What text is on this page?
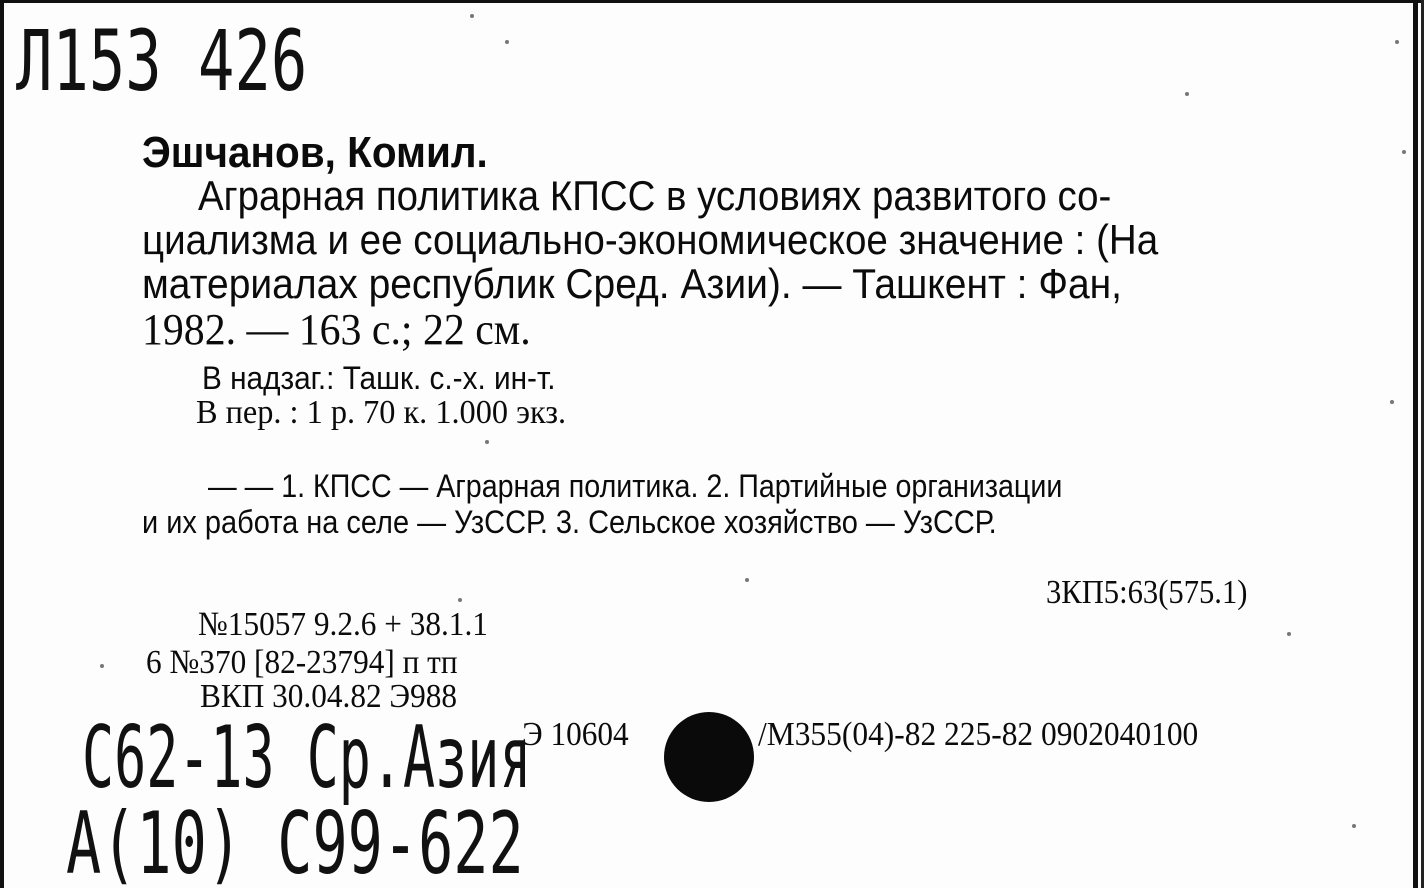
Л153 426
Эшчанов, Комил.
Аграрная политика КПСС в условиях развитого со-
циализма и ее социально-экономическое значение : (На
материалах республик Сред. Азии). — Ташкент : Фан,
1982. — 163 с.; 22 см.
В надзаг.: Ташк. с.-х. ин-т.
В пер. : 1 р. 70 к. 1.000 экз.
— — 1. КПСС — Аграрная политика. 2. Партийные организации
и их работа на селе — УзССР. 3. Сельское хозяйство — УзССР.
3КП5:63(575.1)
№15057 9.2.6 + 38.1.1
6 №370 [82-23794] п тп
ВКП 30.04.82 Э988
Э 10604	/М355(04)-82 225-82 0902040100
С62-13 Ср.Азия
А(10) С99-622
